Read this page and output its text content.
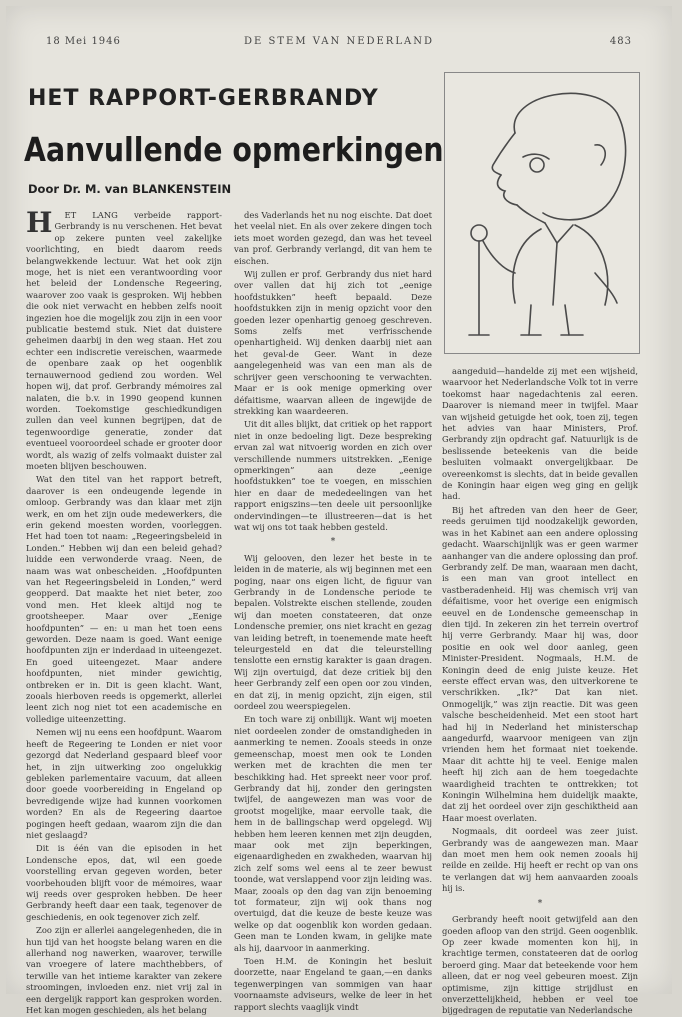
18 Mei 1946	DE STEM VAN NEDERLAND	483
HET RAPPORT-GERBRANDY
Aanvullende opmerkingen
Door Dr. M. van BLANKENSTEIN

H ET LANG verbeide rapport-Gerbrandy is nu verschenen. Het bevat op zekere punten veel zakelijke voorlichting, en biedt daarom reeds belangwekkende lectuur. Wat het ook zijn moge, het is niet een verantwoording voor het beleid der Londensche Regeering, waarover zoo vaak is gesproken. Wij hebben die ook niet verwacht en hebben zelfs nooit ingezien hoe die mogelijk zou zijn in een voor publicatie bestemd stuk. Niet dat duistere geheimen daarbij in den weg staan. Het zou echter een indiscretie vereischen, waarmede de openbare zaak op het oogenblik ternauwernood gediend zou worden. Wel hopen wij, dat prof. Gerbrandy mémoires zal nalaten, die b.v. in 1990 geopend kunnen worden. Toekomstige geschiedkundigen zullen dan veel kunnen begrijpen, dat de tegenwoordige generatie, zonder dat eventueel vooroordeel schade er grooter door wordt, als wazig of zelfs volmaakt duister zal moeten blijven beschouwen.

Wat den titel van het rapport betreft, daarover is een ondeugende legende in omloop. Gerbrandy was dan klaar met zijn werk, en om het zijn oude medewerkers, die erin gekend moesten worden, voorleggen. Het had toen tot naam: „Regeeringsbeleid in Londen.” Hebben wij dan een beleid gehad? luidde een verwonderde vraag. Neen, de naam was wat onbescheiden. „Hoofdpunten van het Regeeringsbeleid in Londen,” werd geopperd. Dat maakte het niet beter, zoo vond men. Het kleek altijd nog te grootsheeper. Maar over „Eenige hoofdpunten” — en: u man het toen eens geworden. Deze naam is goed. Want eenige hoofdpunten zijn er inderdaad in uiteengezet. En goed uiteengezet. Maar andere hoofdpunten, niet minder gewichtig, ontbreken er in. Dit is geen klacht. Want, zooals hierboven reeds is opgemerkt, allerlei leent zich nog niet tot een academische en volledige uiteenzetting.

Nemen wij nu eens een hoofdpunt. Waarom heeft de Regeering te Londen er niet voor gezorgd dat Nederland gespaard bleef voor het, in zijn uitwerking zoo ongelukkig gebleken parlementaire vacuum, dat alleen door goede voorbereiding in Engeland op bevredigende wijze had kunnen voorkomen worden? En als de Regeering daartoe pogingen heeft gedaan, waarom zijn die dan niet geslaagd?

Dit is één van die episoden in het Londensche epos, dat, wil een goede voorstelling ervan gegeven worden, beter voorbehouden blijft voor de mémoires, waar wij reeds over gesproken hebben. De heer Gerbrandy heeft daar een taak, tegenover de geschiedenis, en ook tegenover zich zelf.

Zoo zijn er allerlei aangelegenheden, die in hun tijd van het hoogste belang waren en die allerhand nog nawerken, waarover, terwille van vroegere of latere machthebbers, of terwille van het intieme karakter van zekere stroomingen, invloeden enz. niet vrij zal in een dergelijk rapport kan gesproken worden. Het kan mogen geschieden, als het belang

des Vaderlands het nu nog eischte. Dat doet het veelal niet. En als over zekere dingen toch iets moet worden gezegd, dan was het teveel van prof. Gerbrandy verlangd, dit van hem te eischen.

Wij zullen er prof. Gerbrandy dus niet hard over vallen dat hij zich tot „eenige hoofdstukken” heeft bepaald. Deze hoofdstukken zijn in menig opzicht voor den goeden lezer openhartig genoeg geschreven. Soms zelfs met verfrisschende openhartigheid. Wij denken daarbij niet aan het geval-de Geer. Want in deze aangelegenheid was van een man als de schrijver geen verschooning te verwachten. Maar er is ook menige opmerking over défaitisme, waarvan alleen de ingewijde de strekking kan waardeeren.

Uit dit alles blijkt, dat critiek op het rapport niet in onze bedoeling ligt. Deze bespreking ervan zal wat nitvoerig worden en zich over verschillende nummers uitstrekken. „Eenige opmerkingen” aan deze „eenige hoofdstukken” toe te voegen, en misschien hier en daar de mededeelingen van het rapport enigszins—ten deele uit persoonlijke ondervindingen—te illustreeren—dat is het wat wij ons tot taak hebben gesteld.

*

Wij gelooven, den lezer het beste in te leiden in de materie, als wij beginnen met een poging, naar ons eigen licht, de figuur van Gerbrandy in de Londensche periode te bepalen. Volstrekte eischen stellende, zouden wij dan moeten constateeren, dat onze Londensche premier, ons niet kracht en gezag van leiding betreft, in toenemende mate heeft teleurgesteld en dat die teleurstelling tenslotte een ernstig karakter is gaan dragen. Wij zijn overtuigd, dat deze critiek bij den heer Gerbrandy zelf een open oor zou vinden, en dat zij, in menig opzicht, zijn eigen, stil oordeel zou weerspiegelen.

En toch ware zij onbillijk. Want wij moeten niet oordeelen zonder de omstandigheden in aanmerking te nemen. Zooals steeds in onze gemeenschap, moest men ook te Londen werken met de krachten die men ter beschikking had. Het spreekt neer voor prof. Gerbrandy dat hij, zonder den geringsten twijfel, de aangewezen man was voor de grootst mogelijke, maar eervolle taak, die hem in de ballingschap werd opgelegd. Wij hebben hem leeren kennen met zijn deugden, maar ook met zijn beperkingen, eigenaardigheden en zwakheden, waarvan hij zich zelf soms wel eens al te zeer bewust toonde, wat verslappend voor zijn leiding was. Maar, zooals op den dag van zijn benoeming tot formateur, zijn wij ook thans nog overtuigd, dat die keuze de beste keuze was welke op dat oogenblik kon worden gedaan. Geen man te Londen kwam, in gelijke mate als hij, daarvoor in aanmerking.

Toen H.M. de Koningin het besluit doorzette, naar Engeland te gaan,—en danks tegenwerpingen van sommigen van haar voornaamste adviseurs, welke de leer in het rapport slechts vaaglijk vindt

aangeduid—handelde zij met een wijsheid, waarvoor het Nederlandsche Volk tot in verre toekomst haar nagedachtenis zal eeren. Daarover is niemand meer in twijfel. Maar van wijsheid getuigde het ook, toen zij, tegen het advies van haar Ministers, Prof. Gerbrandy zijn opdracht gaf. Natuurlijk is de beslissende beteekenis van die beide besluiten volmaakt onvergelijkbaar. De overeenkomst is slechts, dat in beide gevallen de Koningin haar eigen weg ging en gelijk had.

Bij het aftreden van den heer de Geer, reeds geruimen tijd noodzakelijk geworden, was in het Kabinet aan een andere oplossing gedacht. Waarschijnlijk was er geen warmer aanhanger van die andere oplossing dan prof. Gerbrandy zelf. De man, waaraan men dacht, is een man van groot intellect en vastberadenheid. Hij was chemisch vrij van défaitisme, voor het overige een enigmisch eeuvel en de Londensche gemeenschap in dien tijd. In zekeren zin het terrein overtrof hij verre Gerbrandy. Maar hij was, door positie en ook wel door aanleg, geen Minister-President. Nogmaals, H.M. de Koningin deed de enig juiste keuze. Het eerste effect ervan was, den uitverkorene te verschrikken. „Ik?” Dat kan niet. Onmogelijk,” was zijn reactie. Dit was geen valsche bescheidenheid. Met een stoot hart had hij in Nederland het ministerschap aangedurfd, waarvoor menigeen van zijn vrienden hem het formaat niet toekende. Maar dit achtte hij te veel. Eenige malen heeft hij zich aan de hem toegedachte waardigheid trachten te onttrekken; tot Koningin Wilhelmina hem duidelijk maakte, dat zij het oordeel over zijn geschiktheid aan Haar moest overlaten.

Nogmaals, dit oordeel was zeer juist. Gerbrandy was de aangewezen man. Maar dan moet men hem ook nemen zooals hij reilde en zeilde. Hij heeft er recht op van ons te verlangen dat wij hem aanvaarden zooals hij is.

*

Gerbrandy heeft nooit getwijfeld aan den goeden afloop van den strijd. Geen oogenblik. Op zeer kwade momenten kon hij, in krachtige termen, constateeren dat de oorlog beroerd ging. Maar dat beteekende voor hem alleen, dat er nog veel gebeuren moest. Zijn optimisme, zijn kittige strijdlust en onverzettelijkheid, hebben er veel toe bijgedragen de reputatie van Nederlandsche
